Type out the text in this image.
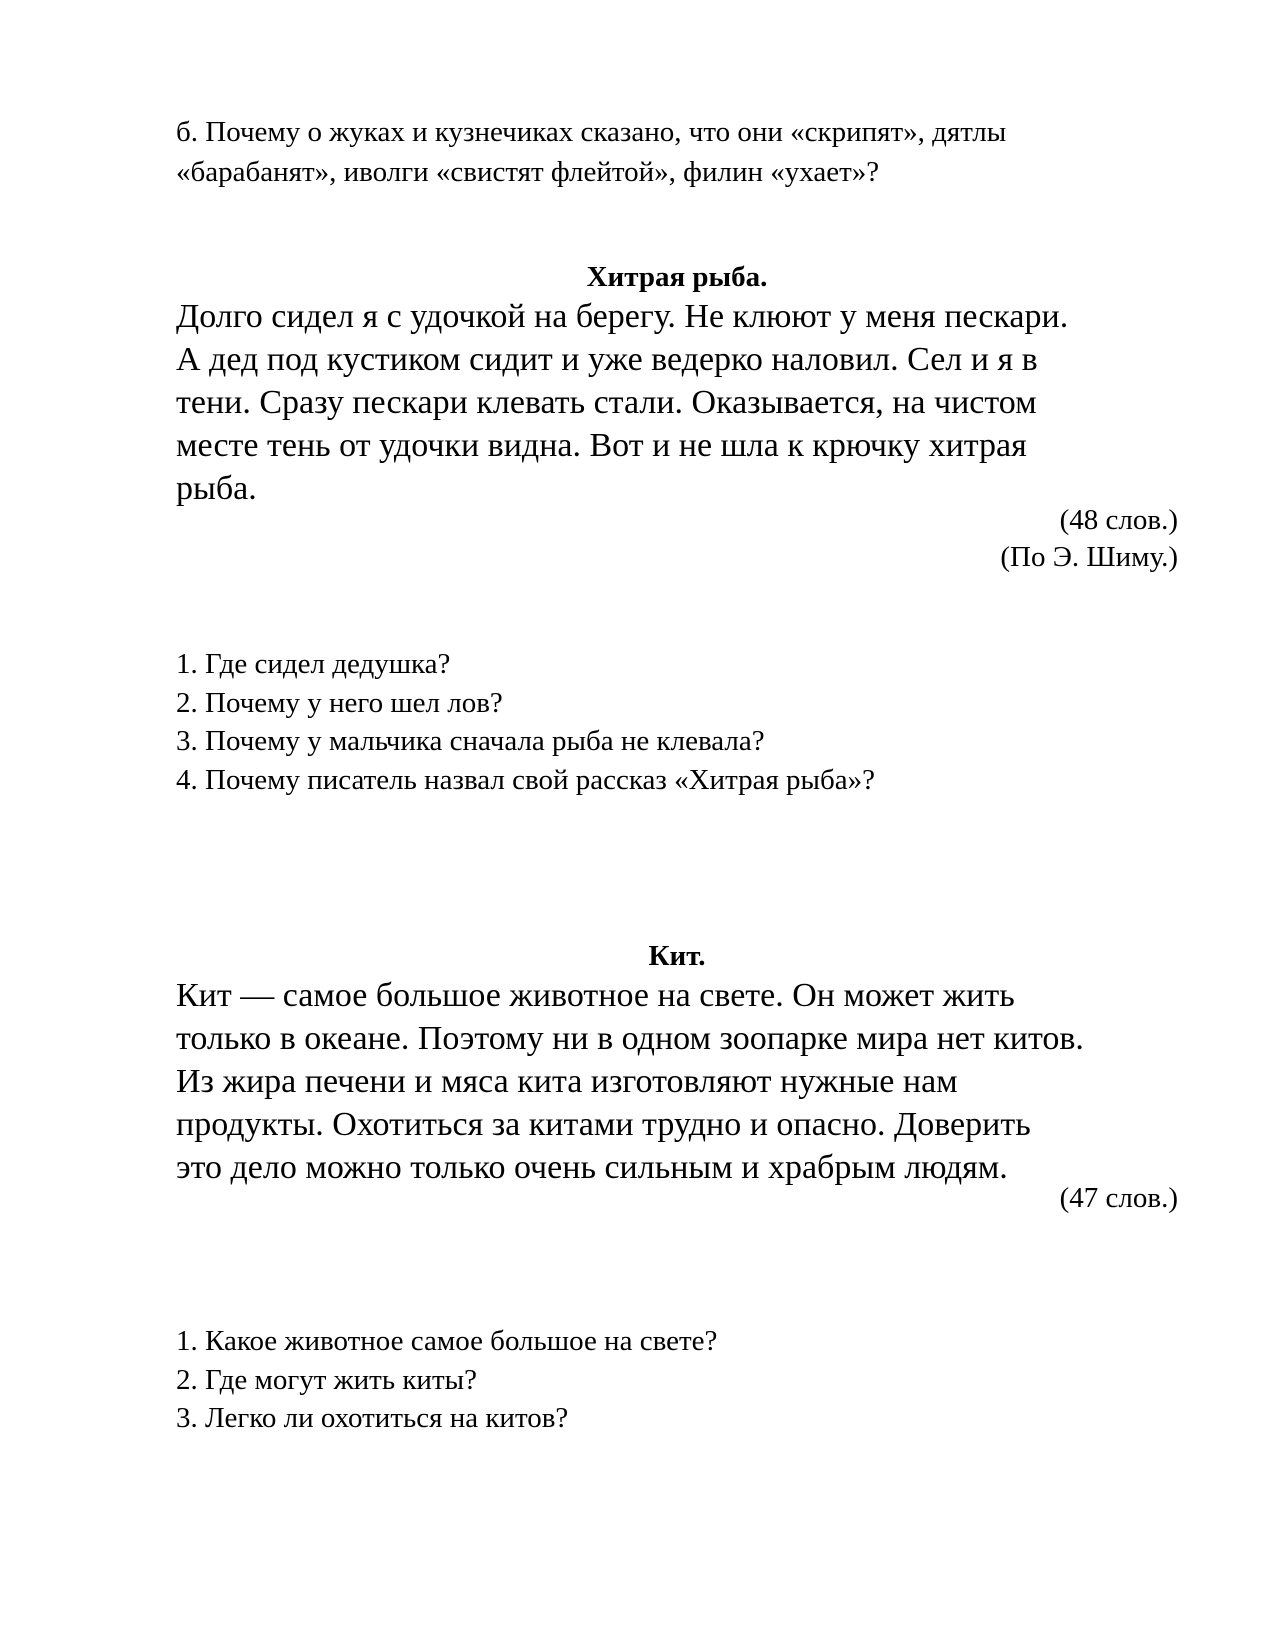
б. Почему о жуках и кузнечиках сказано, что они «скрипят», дятлы
«барабанят», иволги «свистят флейтой», филин «ухает»?
Хитрая рыба.
Долго сидел я с удочкой на берегу. Не клюют у меня пескари.
А дед под кустиком сидит и уже ведерко наловил. Сел и я в
тени. Сразу пескари клевать стали. Оказывается, на чистом
месте тень от удочки видна. Вот и не шла к крючку хитрая
рыба.
(48 слов.)
(По Э. Шиму.)
1. Где сидел дедушка?
2. Почему у него шел лов?
3. Почему у мальчика сначала рыба не клевала?
4. Почему писатель назвал свой рассказ «Хитрая рыба»?
Кит.
Кит — самое большое животное на свете. Он может жить
только в океане. Поэтому ни в одном зоопарке мира нет китов.
Из жира печени и мяса кита изготовляют нужные нам
продукты. Охотиться за китами трудно и опасно. Доверить
это дело можно только очень сильным и храбрым людям.
(47 слов.)
1. Какое животное самое большое на свете?
2. Где могут жить киты?
3. Легко ли охотиться на китов?
